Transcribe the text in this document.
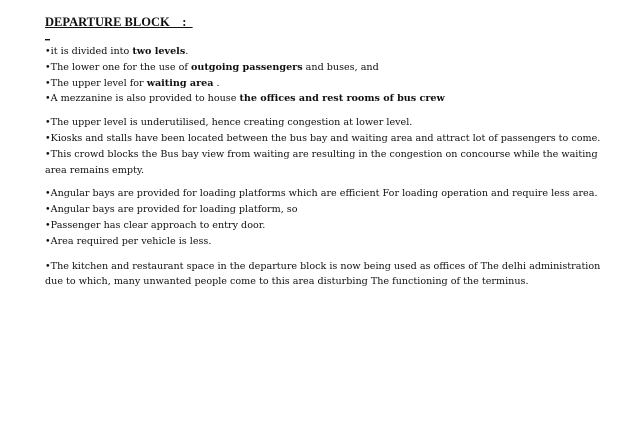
DEPARTURE BLOCK    :

_

•it is divided into two levels.

•The lower one for the use of outgoing passengers and buses, and

•The upper level for waiting area .

•A mezzanine is also provided to house the offices and rest rooms of bus crew

•The upper level is underutilised, hence creating congestion at lower level.

•Kiosks and stalls have been located between the bus bay and waiting area and attract lot of passengers to come.

•This crowd blocks the Bus bay view from waiting are resulting in the congestion on concourse while the waiting area remains empty.

•Angular bays are provided for loading platforms which are efficient For loading operation and require less area.

•Angular bays are provided for loading platform, so

•Passenger has clear approach to entry door.

•Area required per vehicle is less.

•The kitchen and restaurant space in the departure block is now being used as offices of The delhi administration due to which, many unwanted people come to this area disturbing The functioning of the terminus.
